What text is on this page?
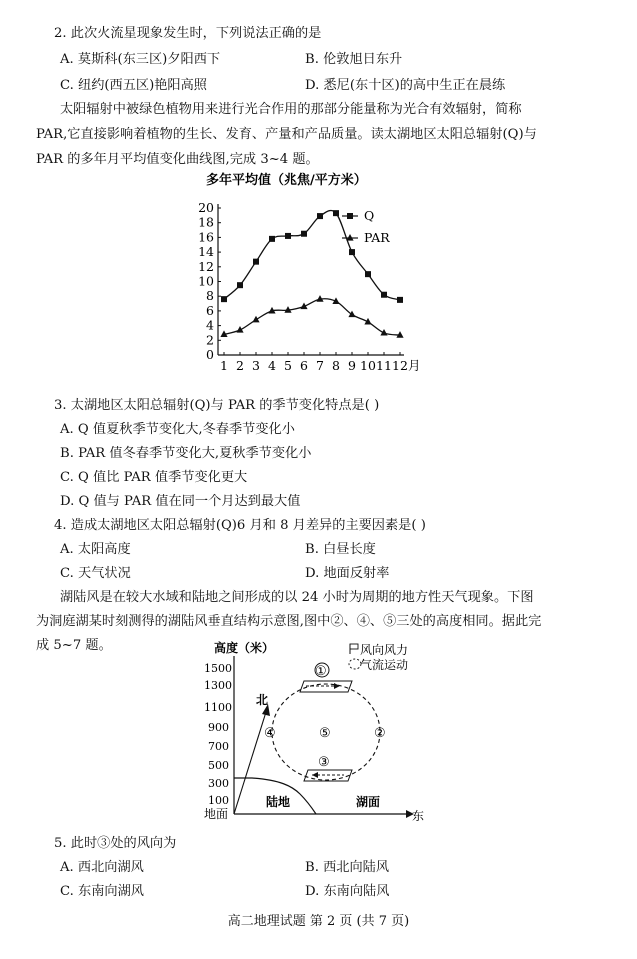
2. 此次火流星现象发生时，下列说法正确的是
A. 莫斯科(东三区)夕阳西下	B. 伦敦旭日东升
C. 纽约(西五区)艳阳高照	D. 悉尼(东十区)的高中生正在晨练
太阳辐射中被绿色植物用来进行光合作用的那部分能量称为光合有效辐射，简称
PAR,它直接影响着植物的生长、发育、产量和产品质量。读太湖地区太阳总辐射(Q)与
PAR 的多年月平均值变化曲线图,完成 3~4 题。
多年平均值（兆焦/平方米）
0
2
4
6
8
10
12
14
16
18
20
1 2 3 4 5 6 7 8 9 10 11 12 月
Q
PAR
3. 太湖地区太阳总辐射(Q)与 PAR 的季节变化特点是( )
A. Q 值夏秋季节变化大,冬春季节变化小
B. PAR 值冬春季节变化大,夏秋季节变化小
C. Q 值比 PAR 值季节变化更大
D. Q 值与 PAR 值在同一个月达到最大值
4. 造成太湖地区太阳总辐射(Q)6 月和 8 月差异的主要因素是( )
A. 太阳高度	B. 白昼长度
C. 天气状况	D. 地面反射率
湖陆风是在较大水域和陆地之间形成的以 24 小时为周期的地方性天气现象。下图
为洞庭湖某时刻测得的湖陆风垂直结构示意图,图中②、④、⑤三处的高度相同。据此完
成 5~7 题。	高度（米）
1500
1300
1100
900
700
500
300
100
地面	东
北
陆地	湖面
①
③
④	⑤	②
风向风力
气流运动
5. 此时③处的风向为
A. 西北向湖风	B. 西北向陆风
C. 东南向湖风	D. 东南向陆风
高二地理试题 第 2 页 (共 7 页)
